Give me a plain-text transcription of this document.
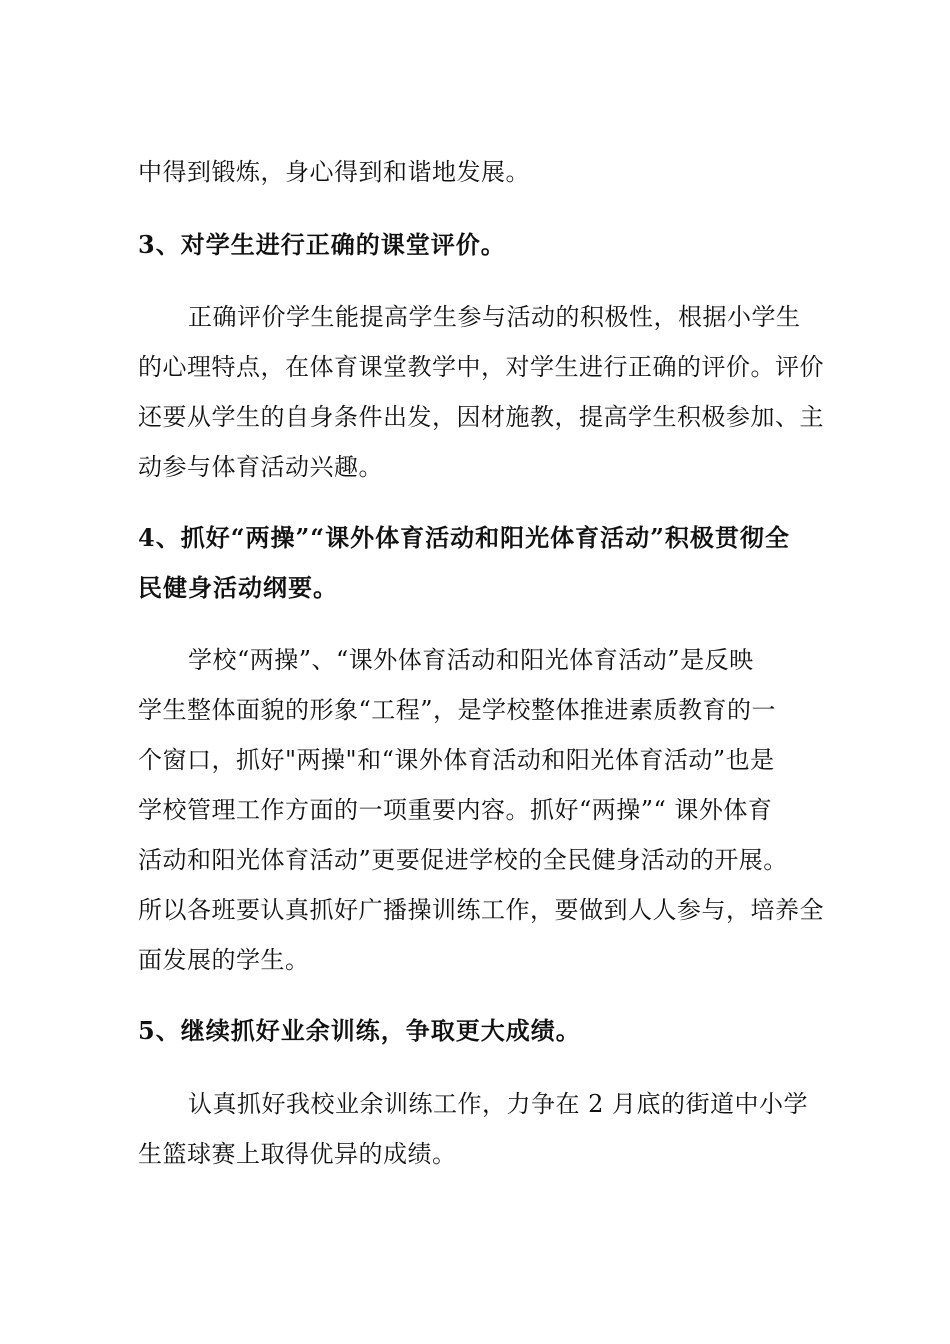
中得到锻炼，身心得到和谐地发展。
3、对学生进行正确的课堂评价。
正确评价学生能提高学生参与活动的积极性，根据小学生
的心理特点，在体育课堂教学中，对学生进行正确的评价。评价
还要从学生的自身条件出发，因材施教，提高学生积极参加、主
动参与体育活动兴趣。
4、抓好“两操”“课外体育活动和阳光体育活动”积极贯彻全
民健身活动纲要。
学校“两操”、“课外体育活动和阳光体育活动”是反映
学生整体面貌的形象“工程”，是学校整体推进素质教育的一
个窗口，抓好"两操"和“课外体育活动和阳光体育活动”也是
学校管理工作方面的一项重要内容。抓好“两操”“ 课外体育
活动和阳光体育活动”更要促进学校的全民健身活动的开展。
所以各班要认真抓好广播操训练工作，要做到人人参与，培养全
面发展的学生。
5、继续抓好业余训练，争取更大成绩。
认真抓好我校业余训练工作，力争在 2 月底的街道中小学
生篮球赛上取得优异的成绩。
